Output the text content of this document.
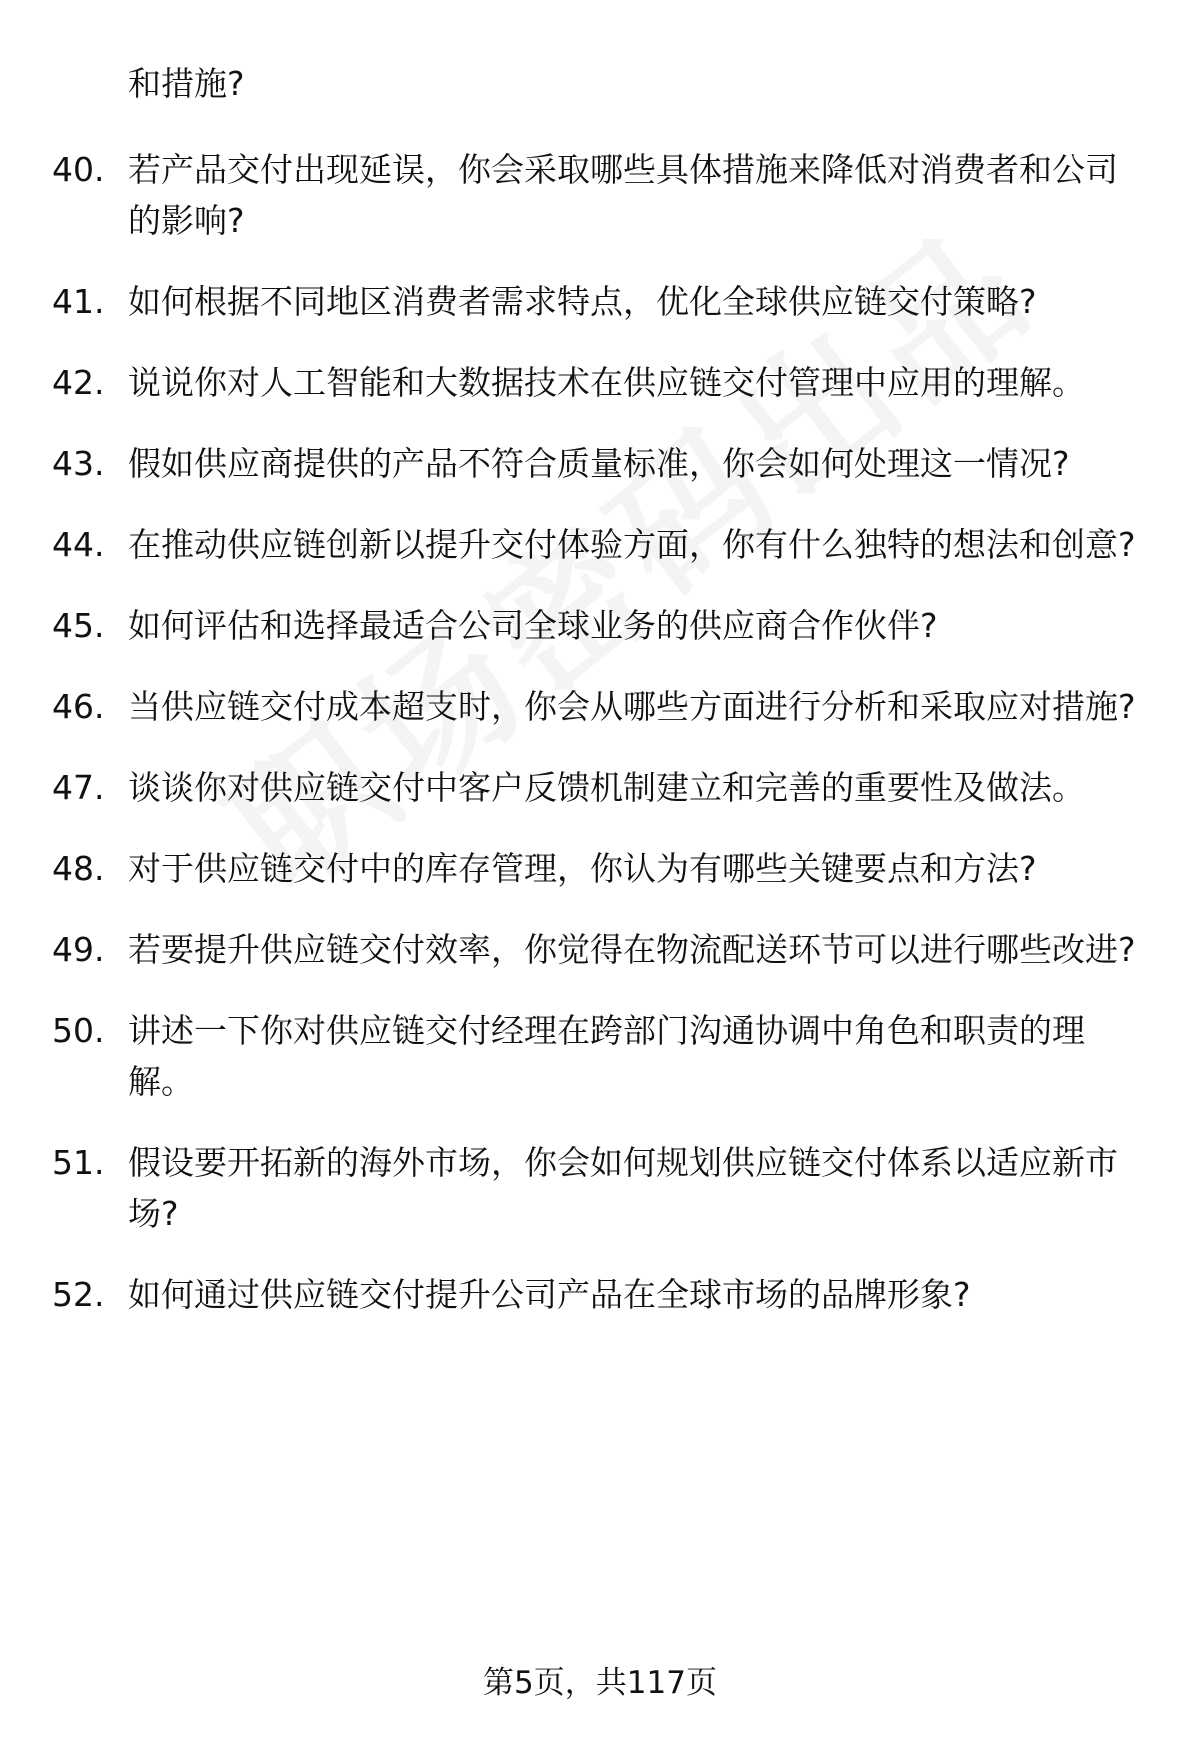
和措施?

40. 若产品交付出现延误，你会采取哪些具体措施来降低对消费者和公司的影响?
41. 如何根据不同地区消费者需求特点，优化全球供应链交付策略?
42. 说说你对人工智能和大数据技术在供应链交付管理中应用的理解。
43. 假如供应商提供的产品不符合质量标准，你会如何处理这一情况?
44. 在推动供应链创新以提升交付体验方面，你有什么独特的想法和创意?
45. 如何评估和选择最适合公司全球业务的供应商合作伙伴?
46. 当供应链交付成本超支时，你会从哪些方面进行分析和采取应对措施?
47. 谈谈你对供应链交付中客户反馈机制建立和完善的重要性及做法。
48. 对于供应链交付中的库存管理，你认为有哪些关键要点和方法?
49. 若要提升供应链交付效率，你觉得在物流配送环节可以进行哪些改进?
50. 讲述一下你对供应链交付经理在跨部门沟通协调中角色和职责的理解。
51. 假设要开拓新的海外市场，你会如何规划供应链交付体系以适应新市场?
52. 如何通过供应链交付提升公司产品在全球市场的品牌形象?
第5页，共117页
